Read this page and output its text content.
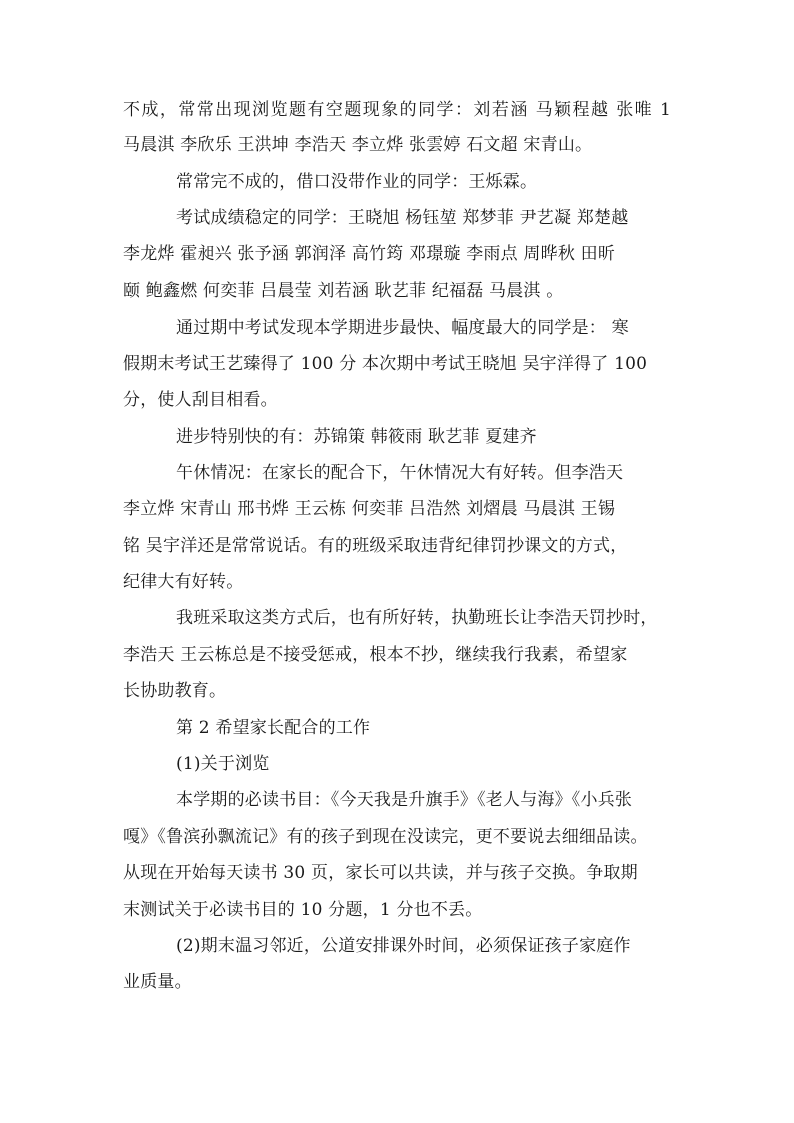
不成，常常出现浏览题有空题现象的同学：刘若涵 马颖程越 张唯 1
马晨淇 李欣乐 王洪坤 李浩天 李立烨 张雲婷 石文超 宋青山。
常常完不成的，借口没带作业的同学：王烁霖。
考试成绩稳定的同学：王晓旭 杨钰堃 郑梦菲 尹艺凝 郑楚越
李龙烨 霍昶兴 张予涵 郭润泽 高竹筠 邓璟璇 李雨点 周晔秋 田昕
颐 鲍鑫燃 何奕菲 吕晨莹 刘若涵 耿艺菲 纪福磊 马晨淇 。
通过期中考试发现本学期进步最快、幅度最大的同学是： 寒
假期末考试王艺臻得了 100 分 本次期中考试王晓旭 吴宇洋得了 100
分，使人刮目相看。
进步特别快的有：苏锦策 韩筱雨 耿艺菲 夏建齐
午休情况：在家长的配合下，午休情况大有好转。但李浩天
李立烨 宋青山 邢书烨 王云栋 何奕菲 吕浩然 刘熠晨 马晨淇 王锡
铭 吴宇洋还是常常说话。有的班级采取违背纪律罚抄课文的方式，
纪律大有好转。
我班采取这类方式后，也有所好转，执勤班长让李浩天罚抄时，
李浩天 王云栋总是不接受惩戒，根本不抄，继续我行我素，希望家
长协助教育。
第 2 希望家长配合的工作
(1)关于浏览
本学期的必读书目：《今天我是升旗手》《老人与海》《小兵张
嘎》《鲁滨孙飘流记》有的孩子到现在没读完，更不要说去细细品读。
从现在开始每天读书 30 页，家长可以共读，并与孩子交换。争取期
末测试关于必读书目的 10 分题，1 分也不丢。
(2)期末温习邻近，公道安排课外时间，必须保证孩子家庭作
业质量。
